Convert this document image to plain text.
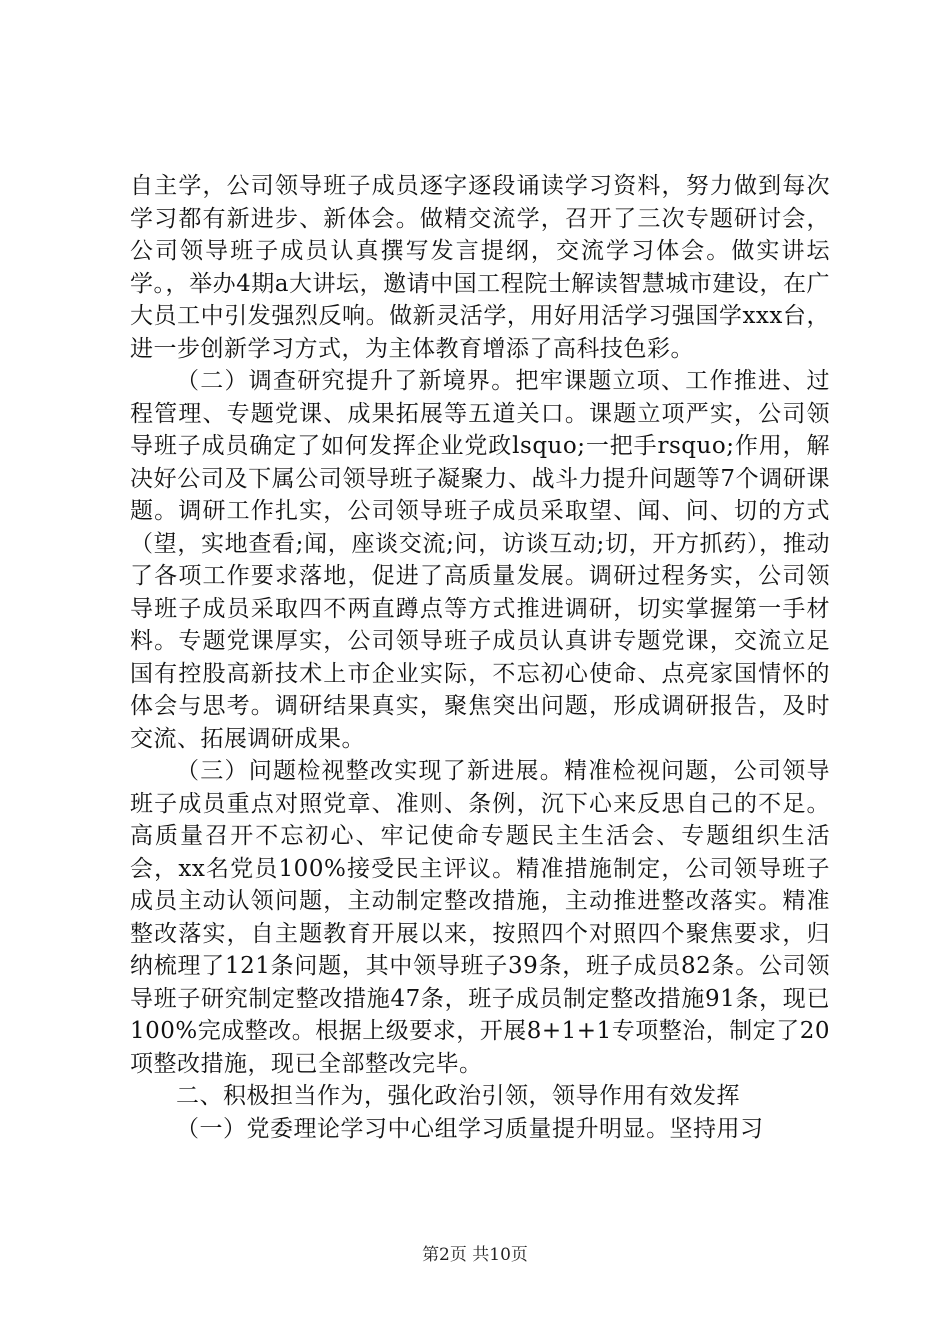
自主学，公司领导班子成员逐字逐段诵读学习资料，努力做到每次学习都有新进步、新体会。做精交流学，召开了三次专题研讨会，公司领导班子成员认真撰写发言提纲，交流学习体会。做实讲坛学。，举办4期a大讲坛，邀请中国工程院士解读智慧城市建设，在广大员工中引发强烈反响。做新灵活学，用好用活学习强国学xxx台，进一步创新学习方式，为主体教育增添了高科技色彩。

（二）调查研究提升了新境界。把牢课题立项、工作推进、过程管理、专题党课、成果拓展等五道关口。课题立项严实，公司领导班子成员确定了如何发挥企业党政lsquo;一把手rsquo;作用，解决好公司及下属公司领导班子凝聚力、战斗力提升问题等7个调研课题。调研工作扎实，公司领导班子成员采取望、闻、问、切的方式（望，实地查看;闻，座谈交流;问，访谈互动;切，开方抓药），推动了各项工作要求落地，促进了高质量发展。调研过程务实，公司领导班子成员采取四不两直蹲点等方式推进调研，切实掌握第一手材料。专题党课厚实，公司领导班子成员认真讲专题党课，交流立足国有控股高新技术上市企业实际，不忘初心使命、点亮家国情怀的体会与思考。调研结果真实，聚焦突出问题，形成调研报告，及时交流、拓展调研成果。

（三）问题检视整改实现了新进展。精准检视问题，公司领导班子成员重点对照党章、准则、条例，沉下心来反思自己的不足。高质量召开不忘初心、牢记使命专题民主生活会、专题组织生活会，xx名党员100%接受民主评议。精准措施制定，公司领导班子成员主动认领问题，主动制定整改措施，主动推进整改落实。精准整改落实，自主题教育开展以来，按照四个对照四个聚焦要求，归纳梳理了121条问题，其中领导班子39条，班子成员82条。公司领导班子研究制定整改措施47条，班子成员制定整改措施91条，现已100%完成整改。根据上级要求，开展8+1+1专项整治，制定了20项整改措施，现已全部整改完毕。

二、积极担当作为，强化政治引领，领导作用有效发挥

（一）党委理论学习中心组学习质量提升明显。坚持用习

第2页 共10页
